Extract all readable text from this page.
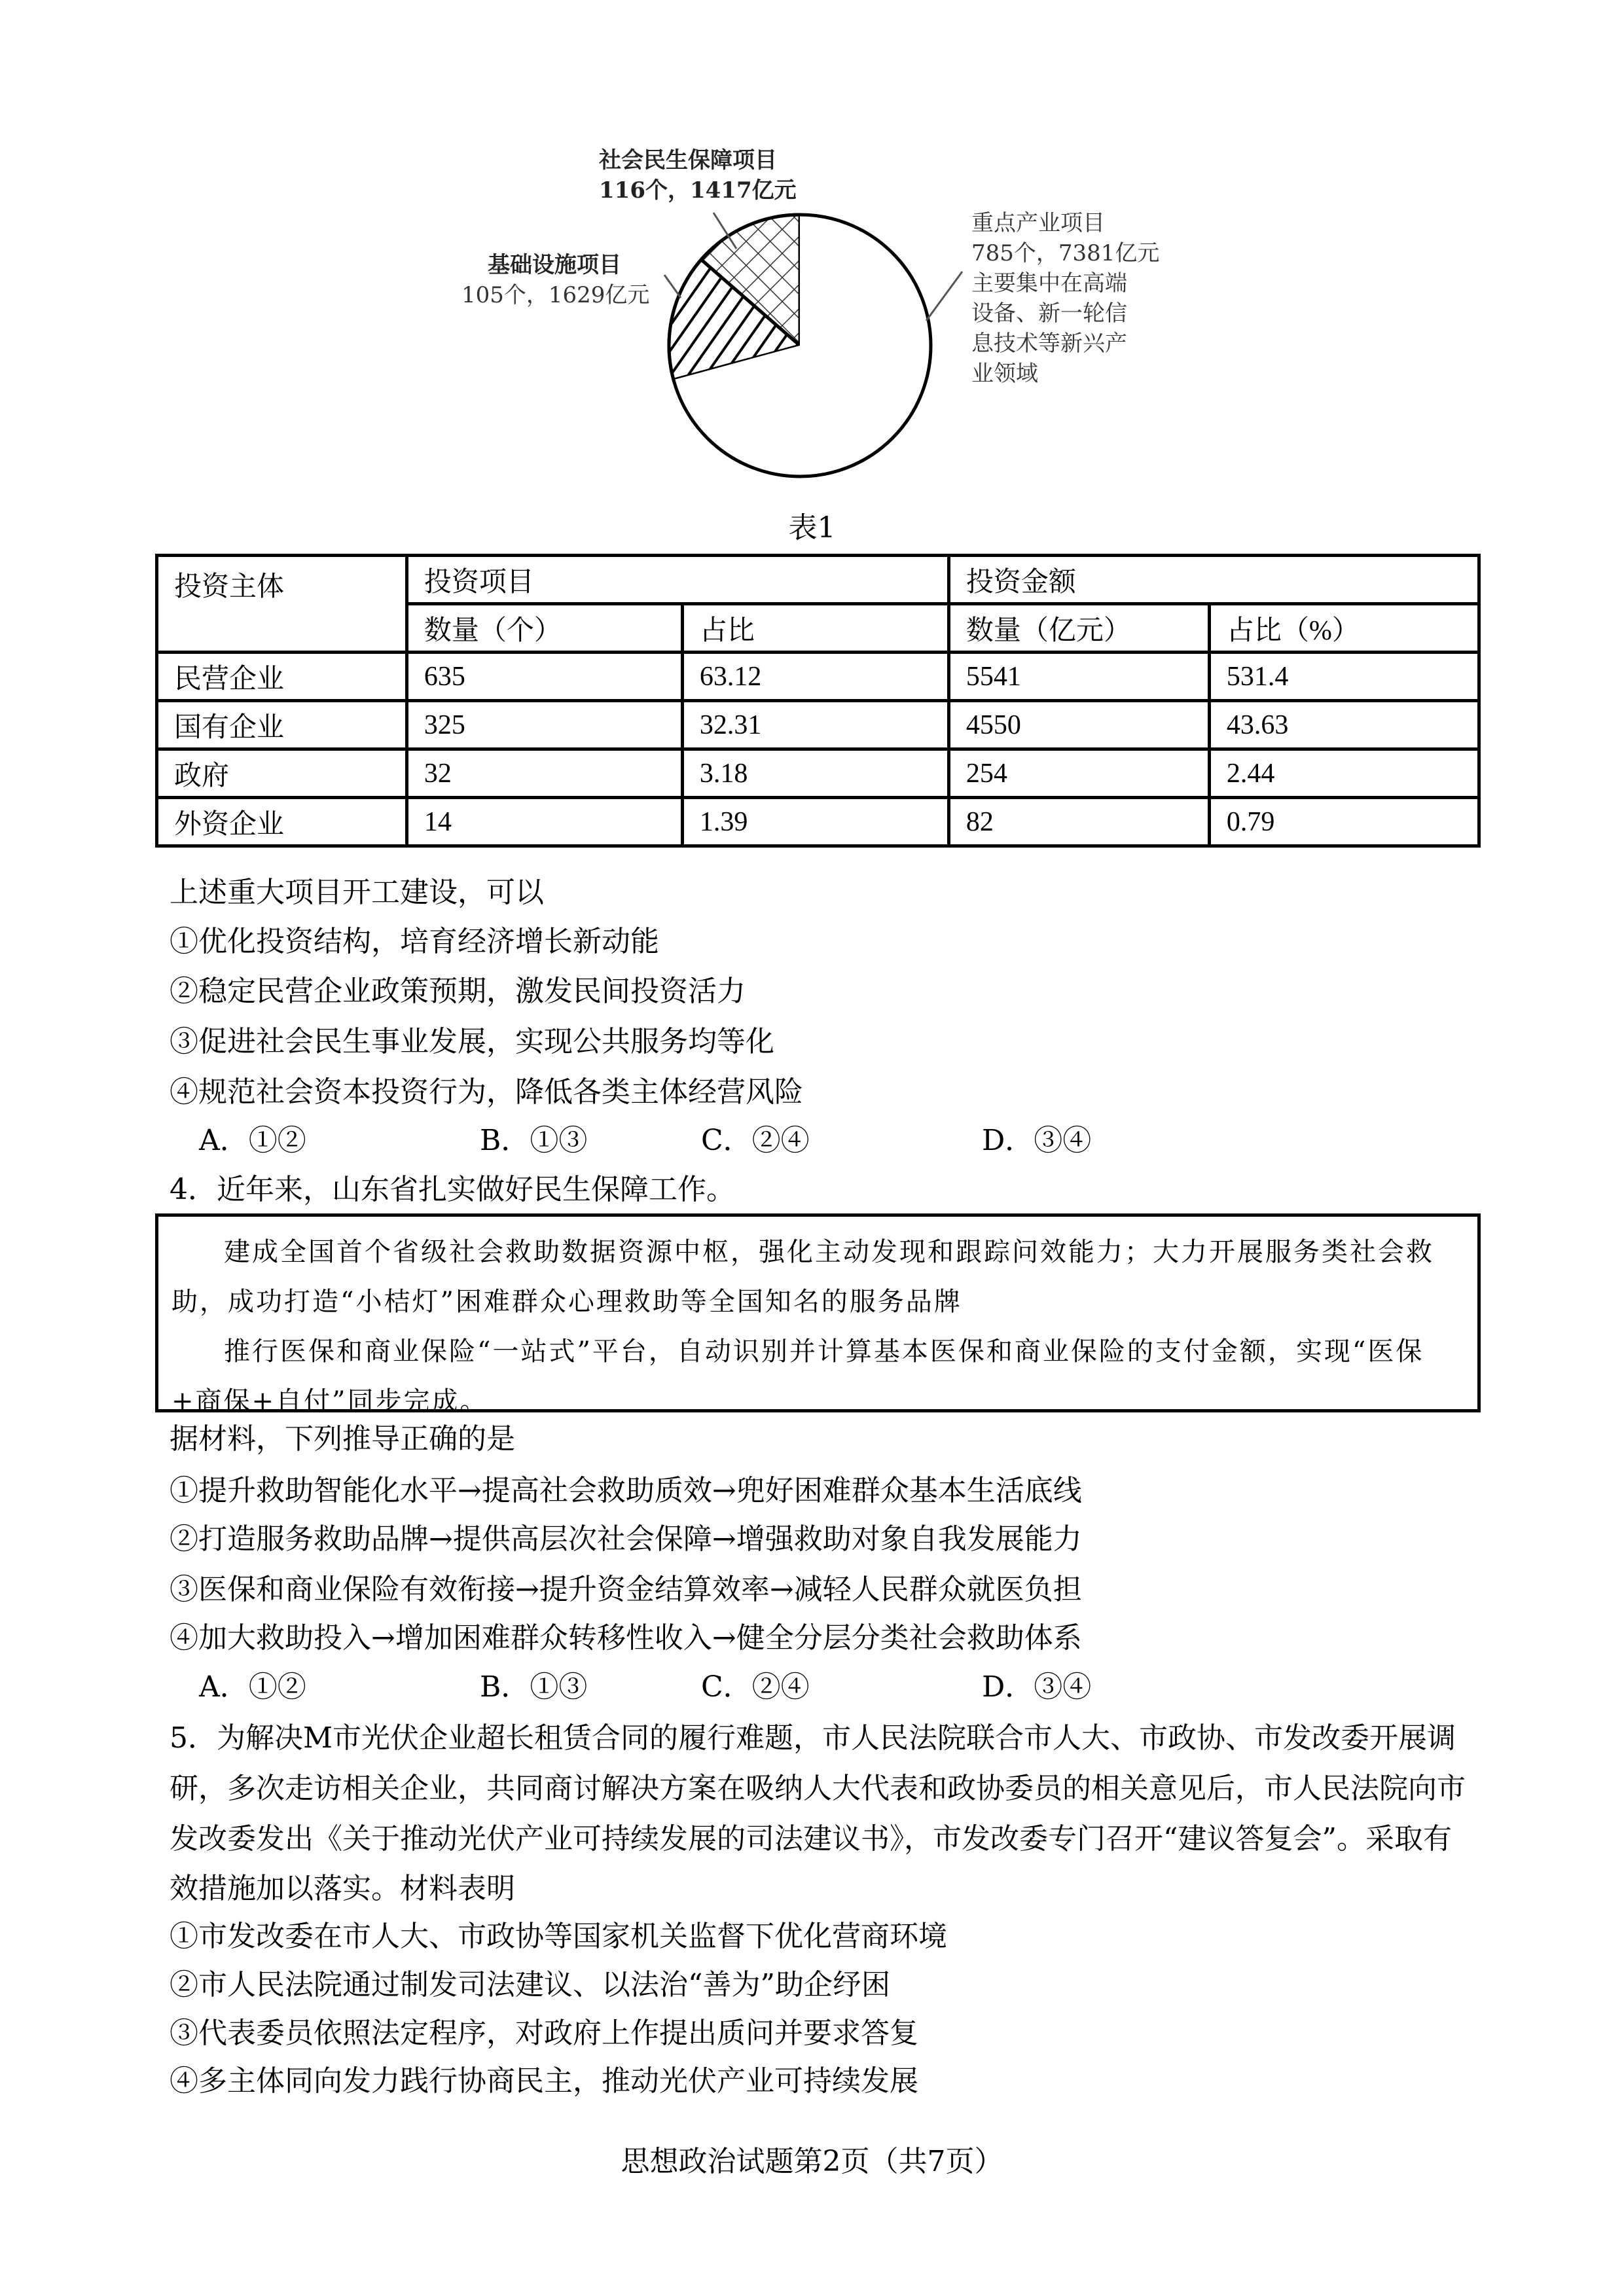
社会民生保障项目
116个，1417亿元
基础设施项目
105个，1629亿元
重点产业项目
785个，7381亿元
主要集中在高端
设备、新一轮信
息技术等新兴产
业领域
表1
投资主体	投资项目		投资金额	
	数量（个）	占比	数量（亿元）	占比（%）
民营企业	635	63.12	5541	531.4
国有企业	325	32.31	4550	43.63
政府	32	3.18	254	2.44
外资企业	14	1.39	82	0.79
上述重大项目开工建设，可以
①优化投资结构，培育经济增长新动能
②稳定民营企业政策预期，激发民间投资活力
③促进社会民生事业发展，实现公共服务均等化
④规范社会资本投资行为，降低各类主体经营风险
A．①②	B．①③	C．②④	D．③④
4．近年来，山东省扎实做好民生保障工作。

建成全国首个省级社会救助数据资源中枢，强化主动发现和跟踪问效能力；大力开展服务类社会救助，成功打造“小桔灯”困难群众心理救助等全国知名的服务品牌

推行医保和商业保险“一站式”平台，自动识别并计算基本医保和商业保险的支付金额，实现“医保+商保+自付”同步完成。

据材料，下列推导正确的是
①提升救助智能化水平→提高社会救助质效→兜好困难群众基本生活底线
②打造服务救助品牌→提供高层次社会保障→增强救助对象自我发展能力
③医保和商业保险有效衔接→提升资金结算效率→减轻人民群众就医负担
④加大救助投入→增加困难群众转移性收入→健全分层分类社会救助体系
A．①②	B．①③	C．②④	D．③④
5．为解决M市光伏企业超长租赁合同的履行难题，市人民法院联合市人大、市政协、市发改委开展调
研，多次走访相关企业，共同商讨解决方案在吸纳人大代表和政协委员的相关意见后，市人民法院向市
发改委发出《关于推动光伏产业可持续发展的司法建议书》，市发改委专门召开“建议答复会”。采取有
效措施加以落实。材料表明
①市发改委在市人大、市政协等国家机关监督下优化营商环境
②市人民法院通过制发司法建议、以法治“善为”助企纾困
③代表委员依照法定程序，对政府上作提出质问并要求答复
④多主体同向发力践行协商民主，推动光伏产业可持续发展
思想政治试题第2页（共7页）
